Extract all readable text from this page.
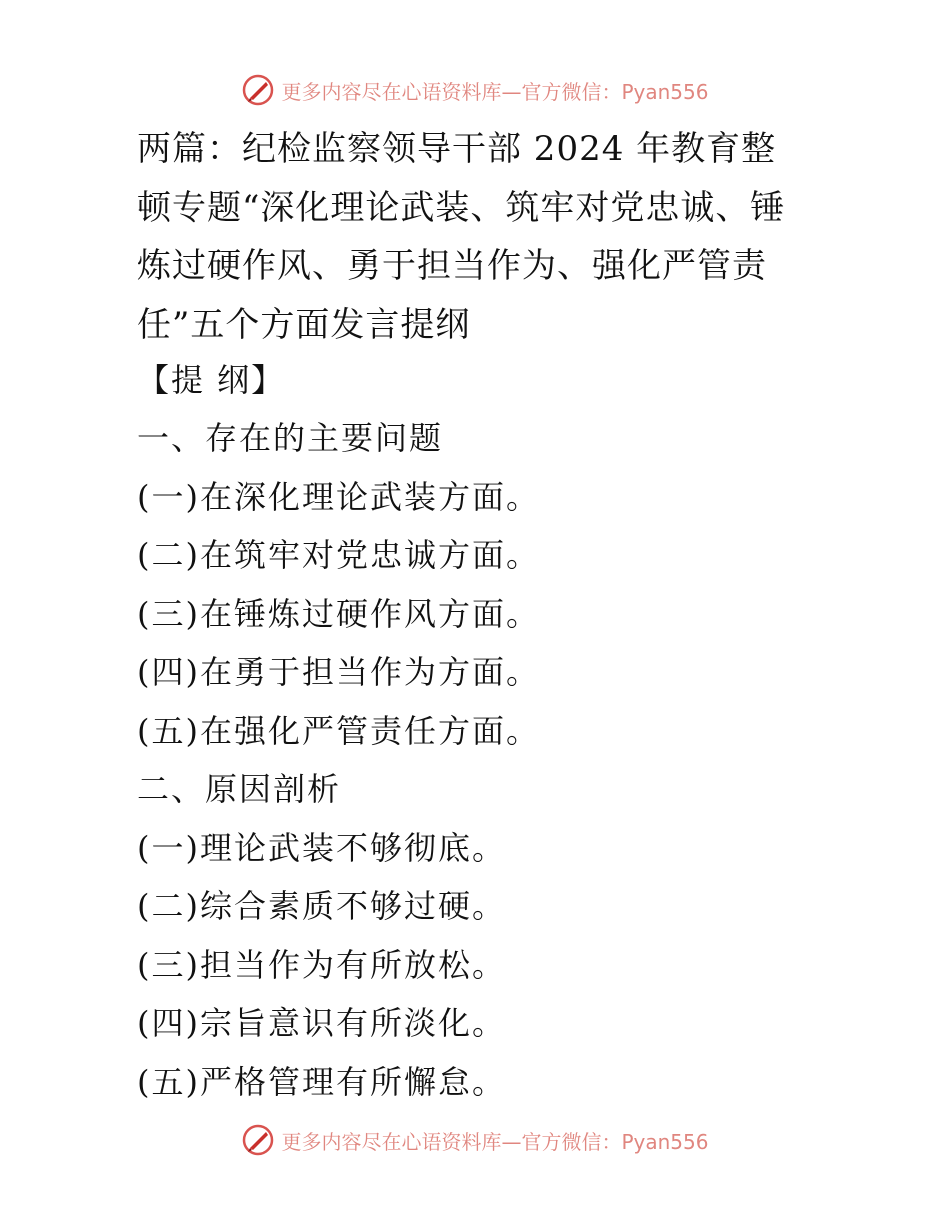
更多内容尽在心语资料库—官方微信：Pyan556
两篇：纪检监察领导干部 2024 年教育整顿专题“深化理论武装、筑牢对党忠诚、锤炼过硬作风、勇于担当作为、强化严管责任”五个方面发言提纲

【提 纲】

一、存在的主要问题

(一)在深化理论武装方面。

(二)在筑牢对党忠诚方面。

(三)在锤炼过硬作风方面。

(四)在勇于担当作为方面。

(五)在强化严管责任方面。

二、原因剖析

(一)理论武装不够彻底。

(二)综合素质不够过硬。

(三)担当作为有所放松。

(四)宗旨意识有所淡化。

(五)严格管理有所懈怠。

更多内容尽在心语资料库—官方微信：Pyan556
